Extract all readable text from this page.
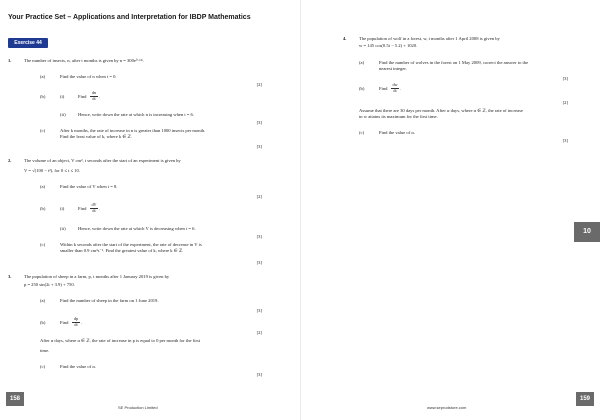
Your Practice Set – Applications and Interpretation for IBDP Mathematics
Exercise 44
1.	The number of insects, n, after t months is given by n = 300e⁰·¹²ᵗ.
(a)	Find the value of n when t = 0.
[2]
(b)	(i)	Find $\frac{dn}{dt}$ .
(ii)	Hence, write down the rate at which n is increasing when t = 6.
[3]
(c)	After k months, the rate of increase in n is greater than 1000 insects per month.
Find the least value of k, where k ∈ ℤ.
[3]
2.	The volume of an object, V cm³, t seconds after the start of an experiment is given by
V = √(100 − t²), for 0 ≤ t ≤ 10.
(a)	Find the value of V when t = 8.
[2]
(b)	(i)	Find $\frac{dV}{dt}$ .
(ii)	Hence, write down the rate at which V is decreasing when t = 6.
[3]
(c)	Within k seconds after the start of the experiment, the rate of decrease in V is
smaller than 0.9 cm³s⁻¹. Find the greatest value of k, where k ∈ ℤ.
[3]
3.	The population of sheep in a farm, p, t months after 1 January 2019 is given by
p = 250 sin(2t + 3.9) + 750.
(a)	Find the number of sheep in the farm on 1 June 2019.
[3]
(b)	Find $\frac{dp}{dt}$ .
[2]
After α days, where α ∈ ℤ, the rate of increase in p is equal to 0 per month for the first
time.
(c)	Find the value of α.
[3]
158
SE Production Limited
4.	The population of wolf in a forest, w, t months after 1 April 2008 is given by
w = 145 cos(0.5t − 5.2) + 1020.
(a)	Find the number of wolves in the forest on 1 May 2009, correct the answer to the
nearest integer.
[3]
(b)	Find $\frac{dw}{dt}$ .
[2]
Assume that there are 30 days per month. After α days, where α ∈ ℤ, the rate of increase
in w attains its maximum for the first time.
(c)	Find the value of α.
[3]
10
159
www.seprodstore.com
